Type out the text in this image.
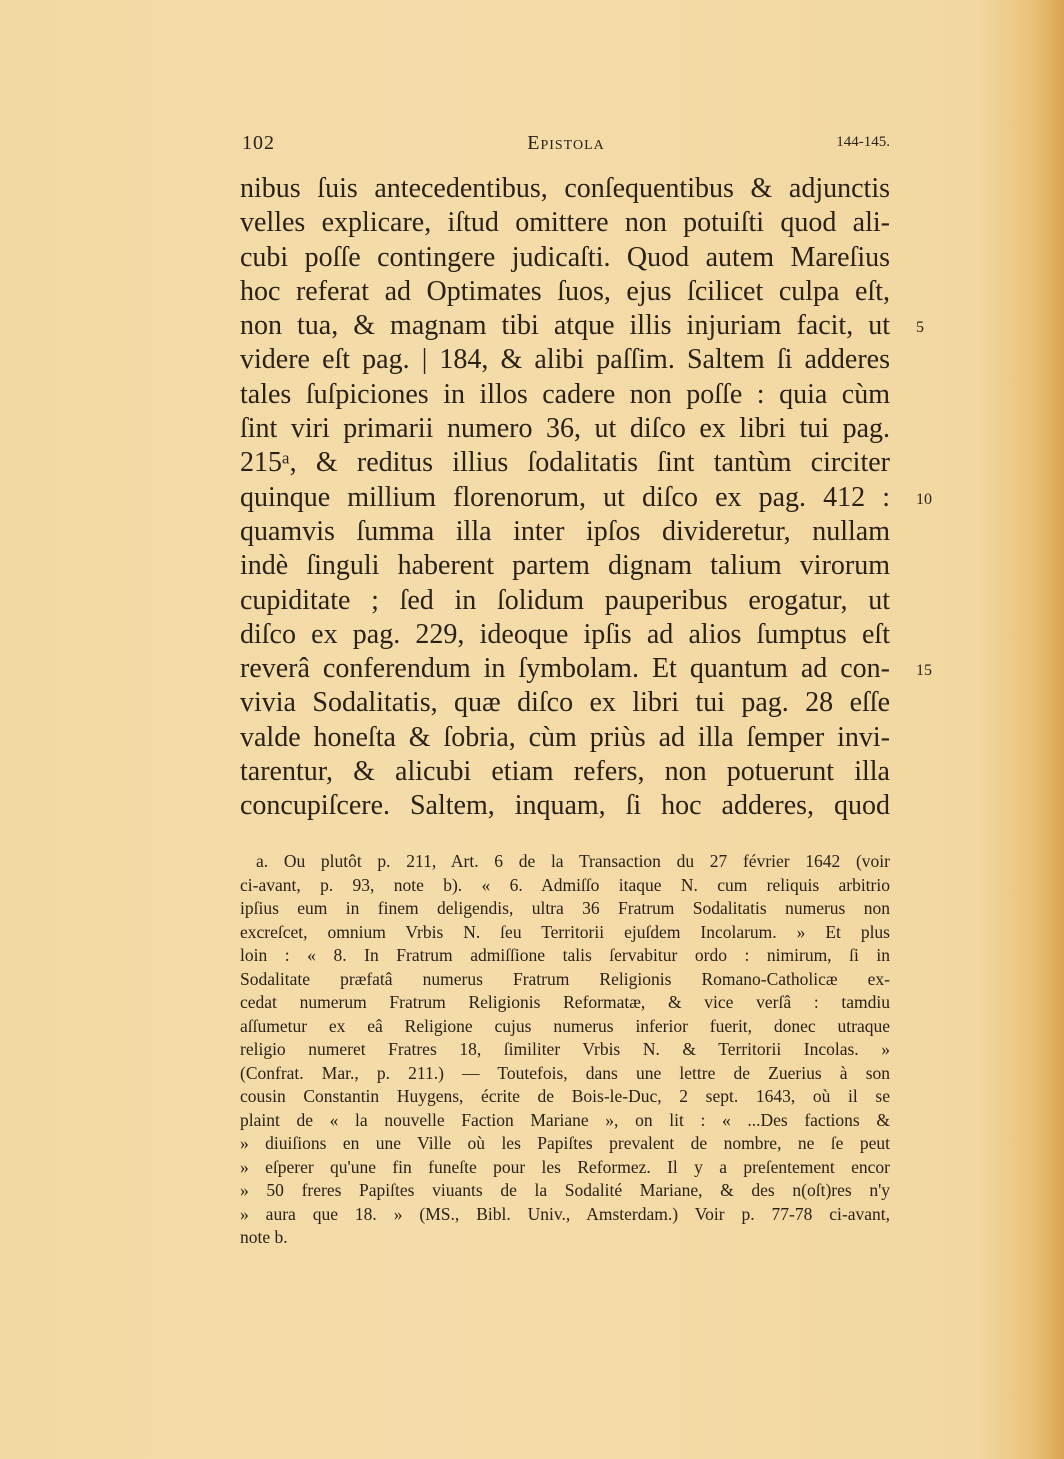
102	Epistola	144-145.
nibus ſuis antecedentibus, conſequentibus & adjunctis
velles explicare, iſtud omittere non potuiſti quod ali-
cubi poſſe contingere judicaſti. Quod autem Mareſius
hoc referat ad Optimates ſuos, ejus ſcilicet culpa eſt,
non tua, & magnam tibi atque illis injuriam facit, ut
videre eſt pag. | 184, & alibi paſſim. Saltem ſi adderes
tales ſuſpiciones in illos cadere non poſſe : quia cùm
ſint viri primarii numero 36, ut diſco ex libri tui pag.
215ᵃ, & reditus illius ſodalitatis ſint tantùm circiter
quinque millium florenorum, ut diſco ex pag. 412 :
quamvis ſumma illa inter ipſos divideretur, nullam
indè ſinguli haberent partem dignam talium virorum
cupiditate ; ſed in ſolidum pauperibus erogatur, ut
diſco ex pag. 229, ideoque ipſis ad alios ſumptus eſt
reverâ conferendum in ſymbolam. Et quantum ad con-
vivia Sodalitatis, quæ diſco ex libri tui pag. 28 eſſe
valde honeſta & ſobria, cùm priùs ad illa ſemper invi-
tarentur, & alicubi etiam refers, non potuerunt illa
concupiſcere. Saltem, inquam, ſi hoc adderes, quod
5
10
15
a. Ou plutôt p. 211, Art. 6 de la Transaction du 27 février 1642 (voir
ci-avant, p. 93, note b). « 6. Admiſſo itaque N. cum reliquis arbitrio
ipſius eum in finem deligendis, ultra 36 Fratrum Sodalitatis numerus non
excreſcet, omnium Vrbis N. ſeu Territorii ejuſdem Incolarum. » Et plus
loin : « 8. In Fratrum admiſſione talis ſervabitur ordo : nimirum, ſi in
Sodalitate præfatâ numerus Fratrum Religionis Romano-Catholicæ ex-
cedat numerum Fratrum Religionis Reformatæ, & vice verſâ : tamdiu
aſſumetur ex eâ Religione cujus numerus inferior fuerit, donec utraque
religio numeret Fratres 18, ſimiliter Vrbis N. & Territorii Incolas. »
(Confrat. Mar., p. 211.) — Toutefois, dans une lettre de Zuerius à son
cousin Constantin Huygens, écrite de Bois-le-Duc, 2 sept. 1643, où il se
plaint de « la nouvelle Faction Mariane », on lit : « ...Des factions &
» diuiſions en une Ville où les Papiſtes prevalent de nombre, ne ſe peut
» eſperer qu'une fin funeſte pour les Reformez. Il y a preſentement encor
» 50 freres Papiſtes viuants de la Sodalité Mariane, & des n(oſt)res n'y
» aura que 18. » (MS., Bibl. Univ., Amsterdam.) Voir p. 77-78 ci-avant,
note b.
